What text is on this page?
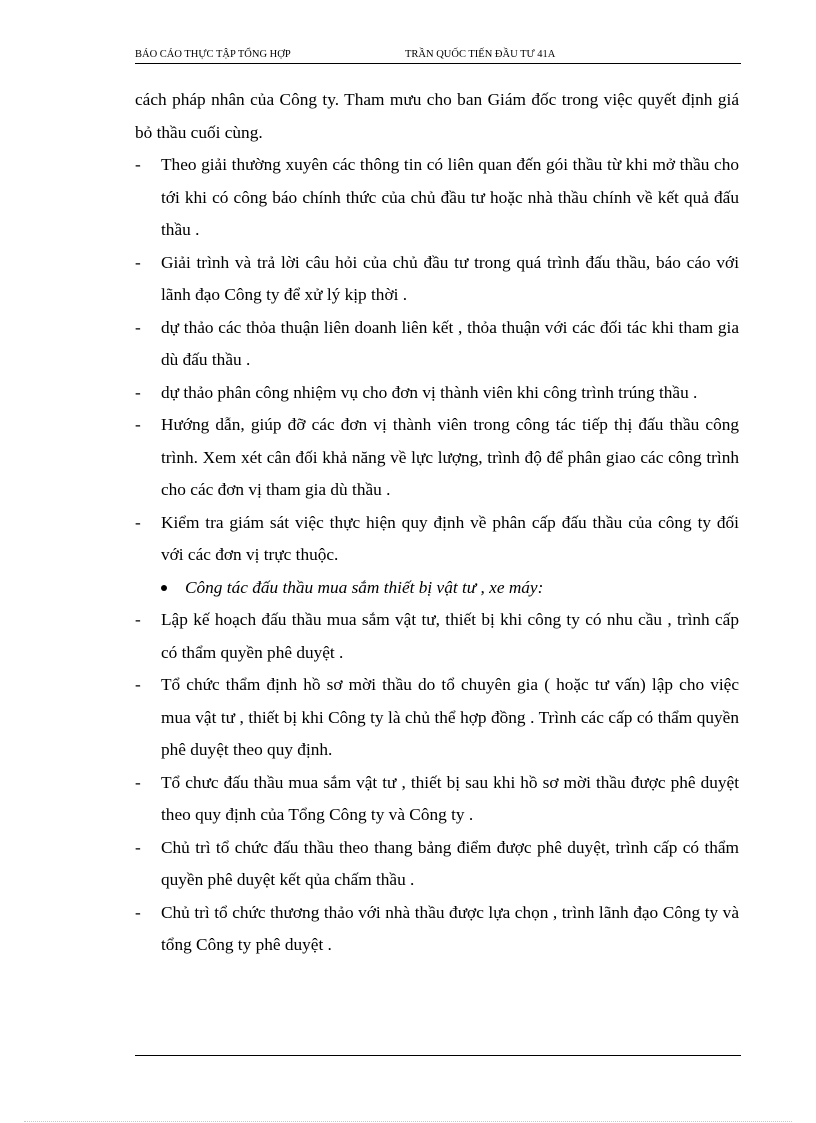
BÁO CÁO THỰC TẬP TỔNG HỢP	TRẦN QUỐC TIẾN ĐẦU TƯ 41A

cách pháp nhân của Công ty. Tham mưu cho ban Giám đốc trong việc quyết định giá bỏ thầu cuối cùng.

- Theo giải thường xuyên các thông tin có liên quan đến gói thầu từ khi mở thầu cho tới khi có công báo chính thức của chủ đầu tư hoặc nhà thầu chính về kết quả đấu thầu .

- Giải trình và trả lời câu hỏi của chủ đầu tư trong quá trình đấu thầu, báo cáo với lãnh đạo Công ty để xử lý kịp thời .

- dự thảo các thỏa thuận liên doanh liên kết , thỏa thuận với các đối tác khi tham gia dù đấu thầu .

- dự thảo phân công nhiệm vụ cho đơn vị thành viên khi công trình trúng thầu .

- Hướng dẫn, giúp đỡ các đơn vị thành viên trong công tác tiếp thị đấu thầu công trình. Xem xét cân đối khả năng về lực lượng, trình độ để phân giao các công trình cho các đơn vị tham gia dù thầu .

- Kiểm tra giám sát việc thực hiện quy định về phân cấp đấu thầu của công ty đối với các đơn vị trực thuộc.

Công tác đấu thầu mua sắm thiết bị vật tư , xe máy:

- Lập kế hoạch đấu thầu mua sắm vật tư, thiết bị khi công ty có nhu cầu , trình cấp có thẩm quyền phê duyệt .

- Tổ chức thẩm định hồ sơ mời thầu do tổ chuyên gia ( hoặc tư vấn) lập cho việc mua vật tư , thiết bị khi Công ty là chủ thể hợp đồng . Trình các cấp có thẩm quyền phê duyệt theo quy định.

- Tổ chưc đấu thầu mua sắm vật tư , thiết bị sau khi hồ sơ mời thầu được phê duyệt theo quy định của Tổng Công ty và Công ty .

- Chủ trì tổ chức đấu thầu theo thang bảng điểm được phê duyệt, trình cấp có thẩm quyền phê duyệt kết qủa chấm thầu .

- Chủ trì tổ chức thương thảo với nhà thầu được lựa chọn , trình lãnh đạo Công ty và tổng Công ty phê duyệt .
